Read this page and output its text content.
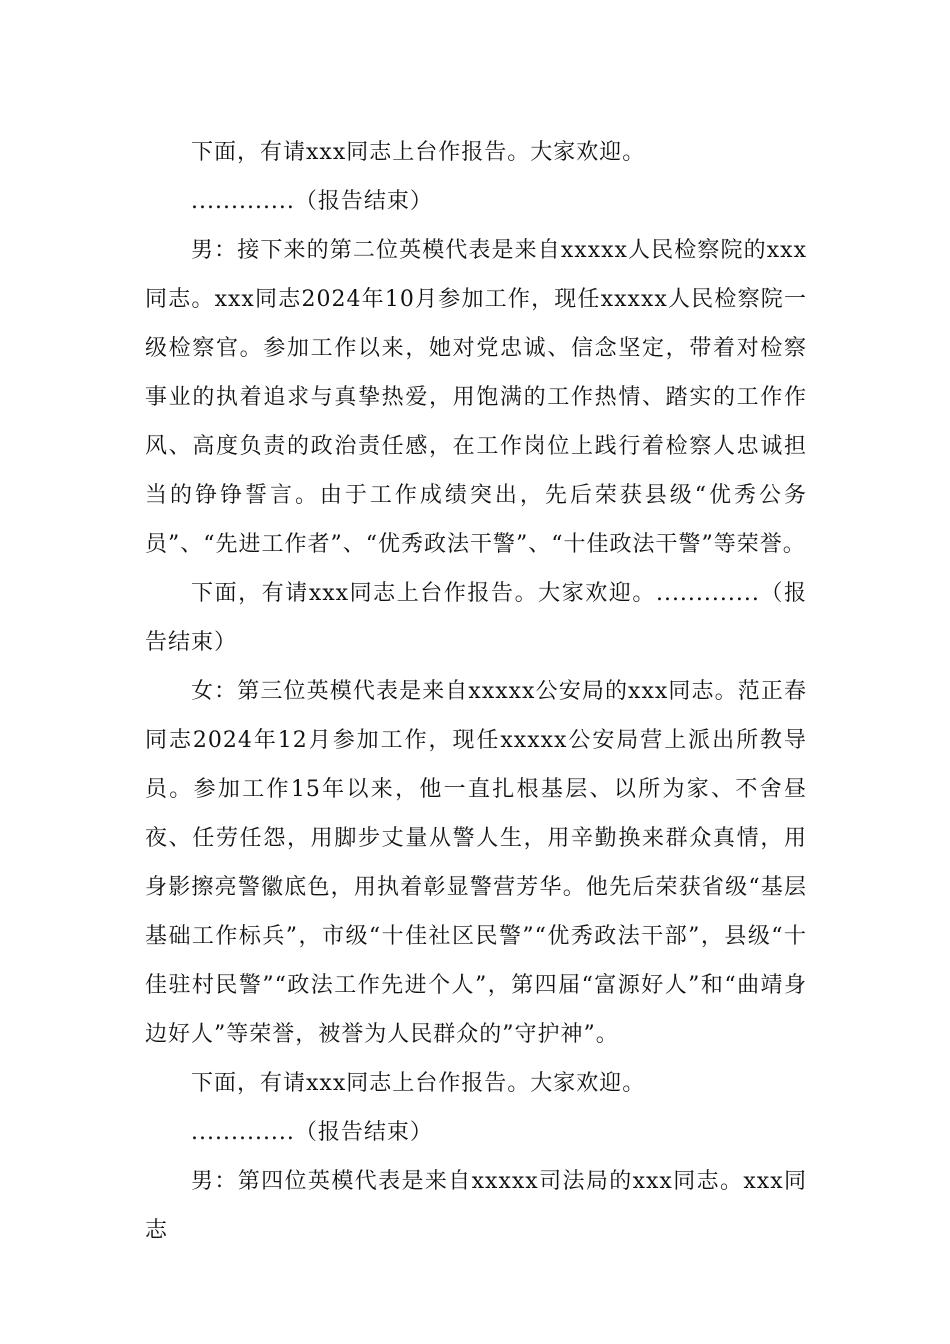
下面，有请xxx同志上台作报告。大家欢迎。

.............（报告结束）

男：接下来的第二位英模代表是来自xxxxx人民检察院的xxx同志。xxx同志2024年10月参加工作，现任xxxxx人民检察院一级检察官。参加工作以来，她对党忠诚、信念坚定，带着对检察事业的执着追求与真挚热爱，用饱满的工作热情、踏实的工作作风、高度负责的政治责任感，在工作岗位上践行着检察人忠诚担当的铮铮誓言。由于工作成绩突出，先后荣获县级“优秀公务员”、“先进工作者”、“优秀政法干警”、“十佳政法干警”等荣誉。

下面，有请xxx同志上台作报告。大家欢迎。.............（报告结束）

女：第三位英模代表是来自xxxxx公安局的xxx同志。范正春同志2024年12月参加工作，现任xxxxx公安局营上派出所教导员。参加工作15年以来，他一直扎根基层、以所为家、不舍昼夜、任劳任怨，用脚步丈量从警人生，用辛勤换来群众真情，用身影擦亮警徽底色，用执着彰显警营芳华。他先后荣获省级“基层基础工作标兵”，市级“十佳社区民警”“优秀政法干部”，县级“十佳驻村民警”“政法工作先进个人”，第四届“富源好人”和“曲靖身边好人”等荣誉，被誉为人民群众的”守护神”。

下面，有请xxx同志上台作报告。大家欢迎。

.............（报告结束）

男：第四位英模代表是来自xxxxx司法局的xxx同志。xxx同志
